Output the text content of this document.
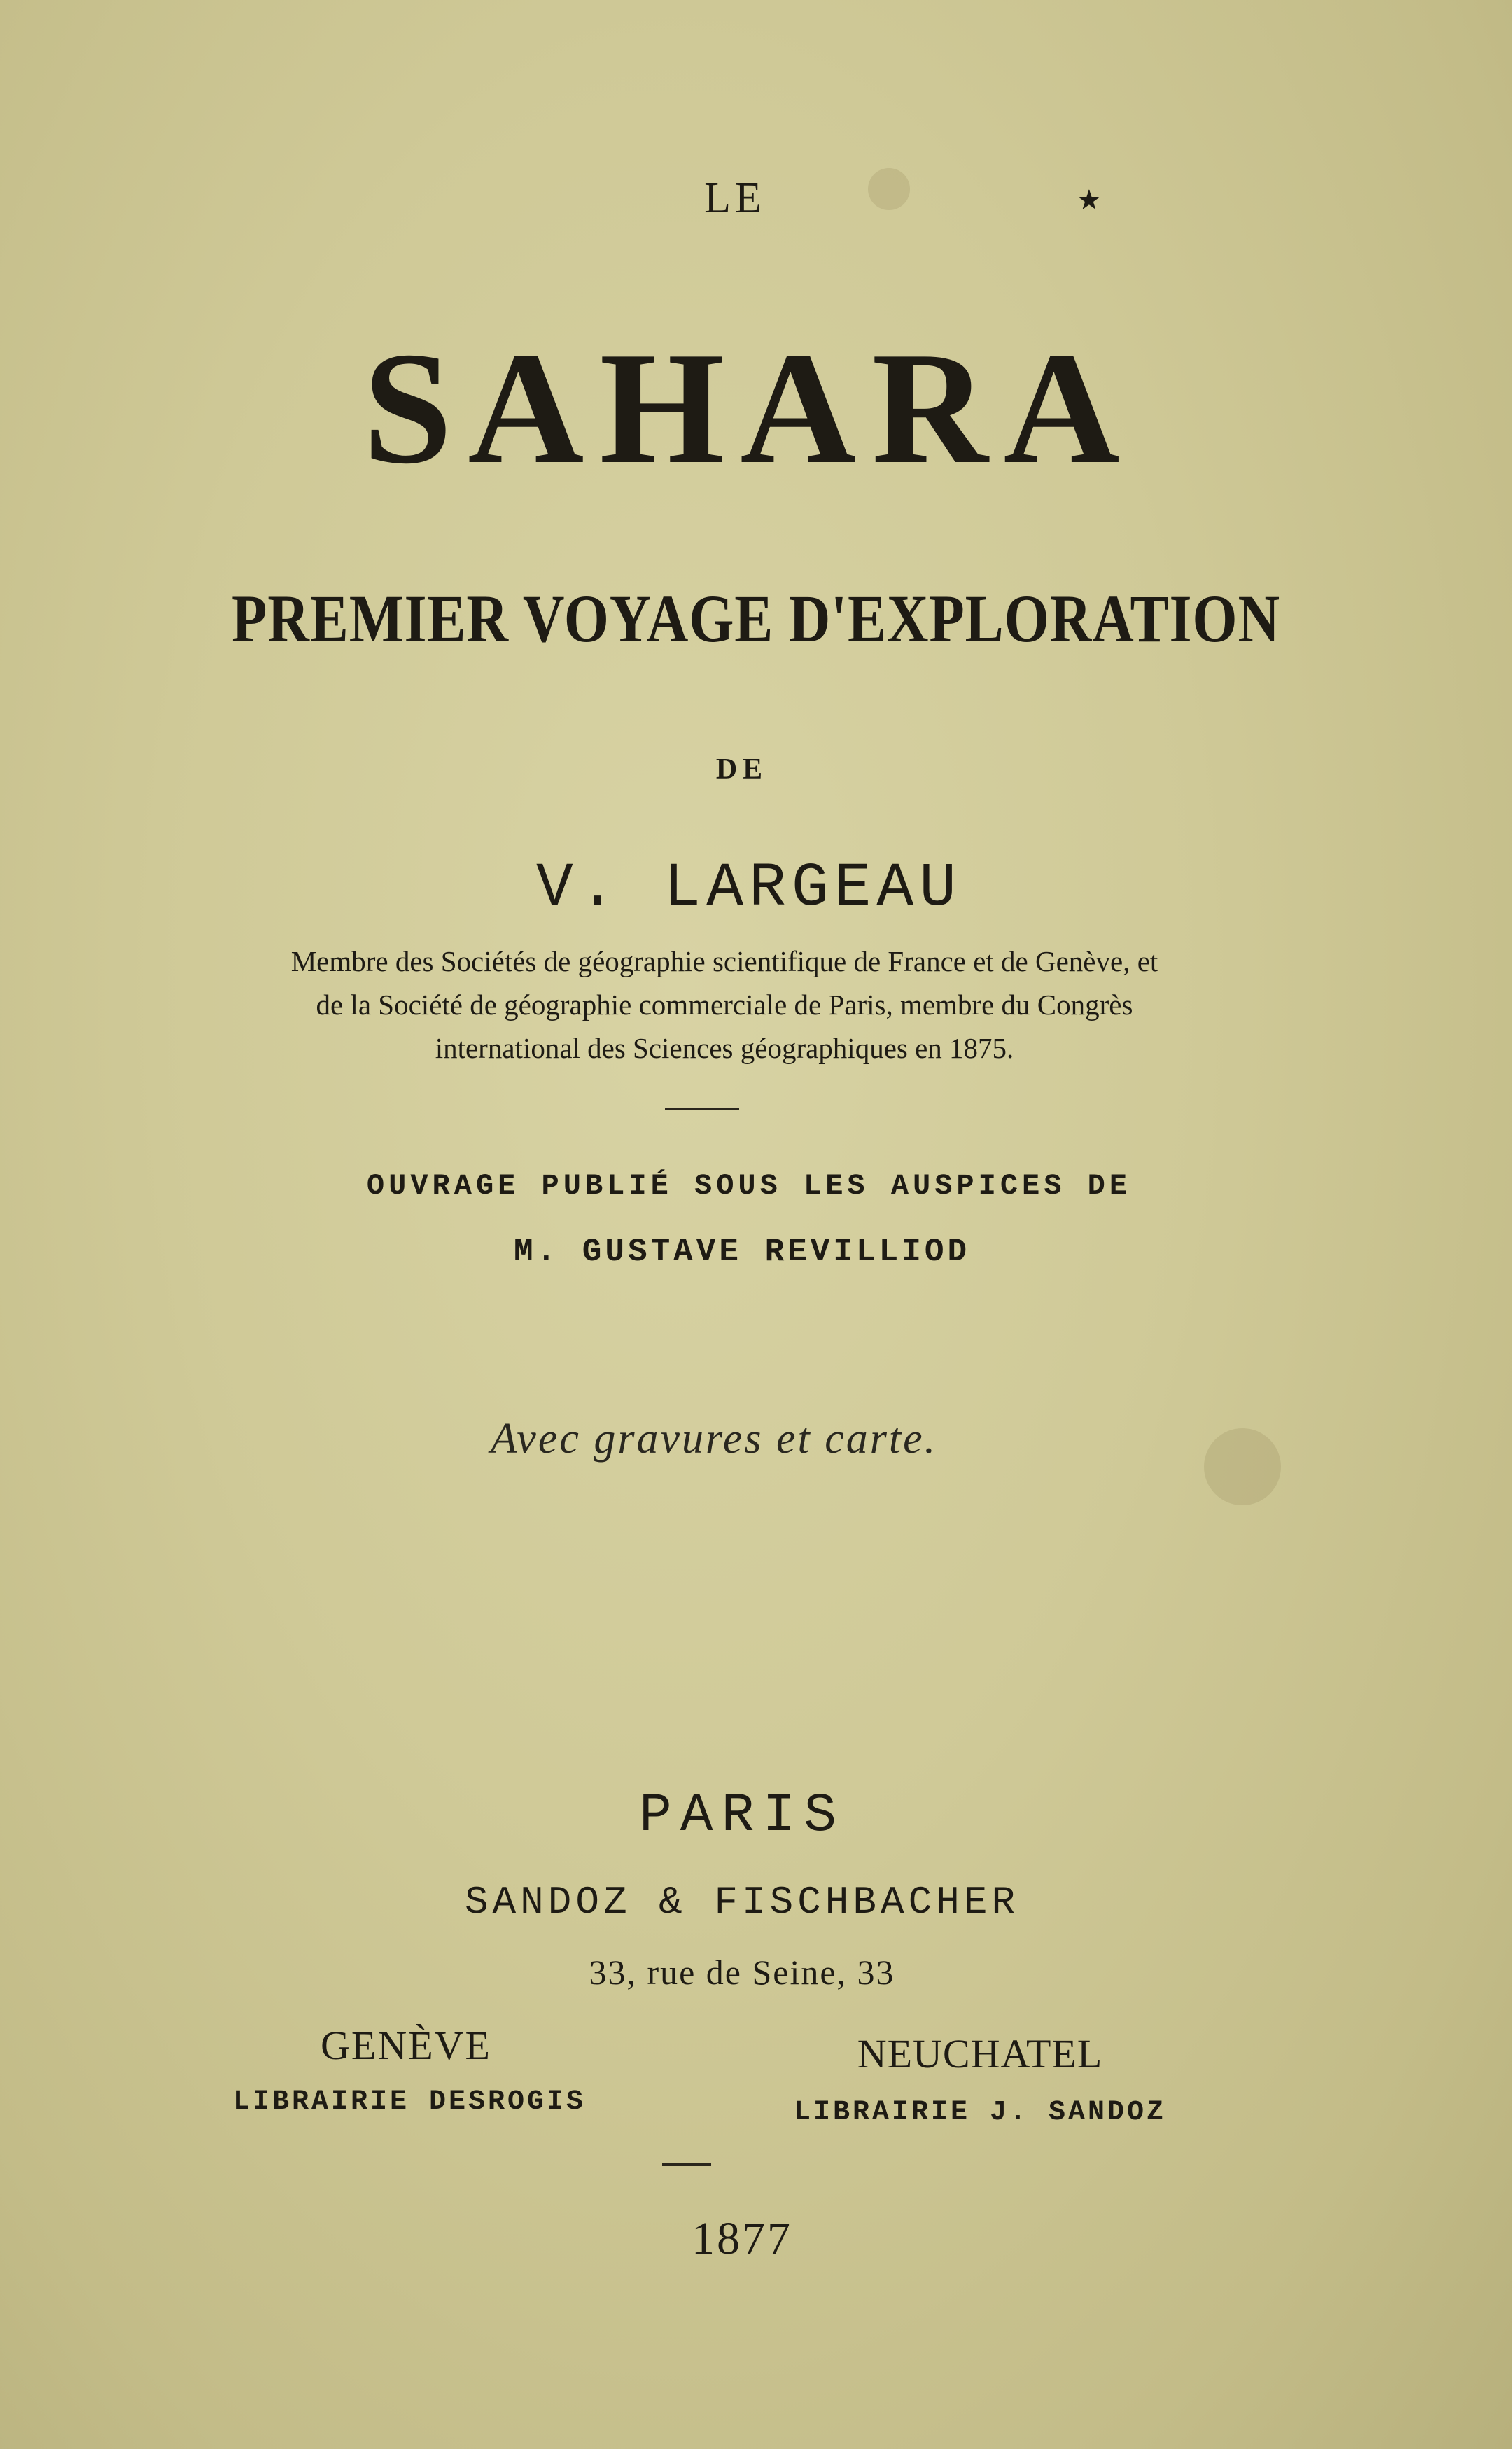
LE	★
SAHARA
PREMIER VOYAGE D'EXPLORATION
DE
V. LARGEAU
Membre des Sociétés de géographie scientifique de France et de Genève, et
de la Société de géographie commerciale de Paris, membre du Congrès
international des Sciences géographiques en 1875.
OUVRAGE PUBLIÉ SOUS LES AUSPICES DE
M. GUSTAVE REVILLIOD
Avec gravures et carte.
PARIS
SANDOZ & FISCHBACHER
33, rue de Seine, 33
GENÈVE
LIBRAIRIE DESROGIS
NEUCHATEL
LIBRAIRIE J. SANDOZ
1877
